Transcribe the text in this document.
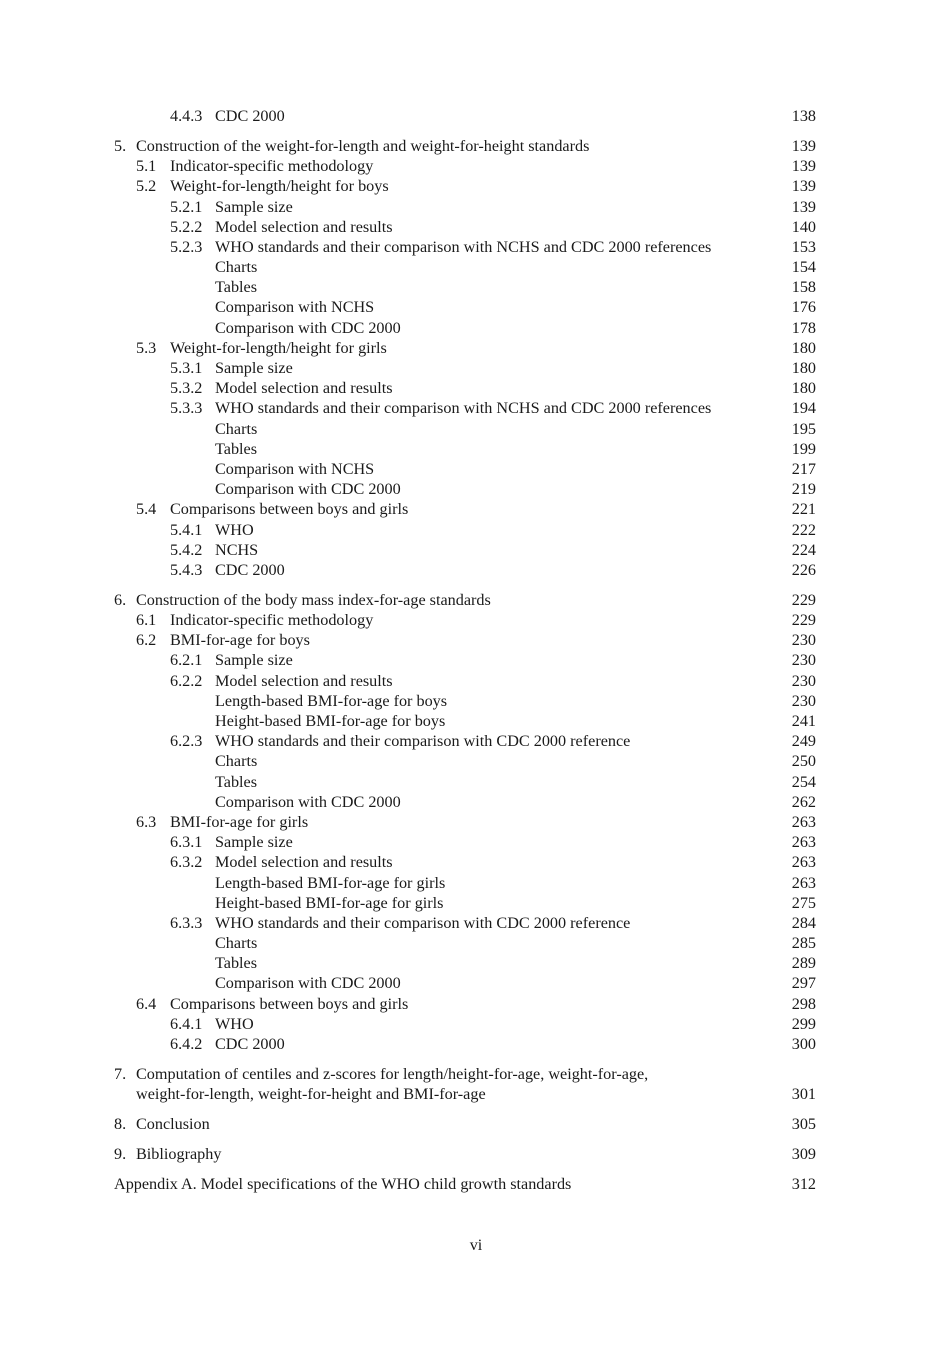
4.4.3 CDC 2000	138
5. Construction of the weight-for-length and weight-for-height standards	139
5.1 Indicator-specific methodology	139
5.2 Weight-for-length/height for boys	139
5.2.1 Sample size	139
5.2.2 Model selection and results	140
5.2.3 WHO standards and their comparison with NCHS and CDC 2000 references	153
Charts	154
Tables	158
Comparison with NCHS	176
Comparison with CDC 2000	178
5.3 Weight-for-length/height for girls	180
5.3.1 Sample size	180
5.3.2 Model selection and results	180
5.3.3 WHO standards and their comparison with NCHS and CDC 2000 references	194
Charts	195
Tables	199
Comparison with NCHS	217
Comparison with CDC 2000	219
5.4 Comparisons between boys and girls	221
5.4.1 WHO	222
5.4.2 NCHS	224
5.4.3 CDC 2000	226
6. Construction of the body mass index-for-age standards	229
6.1 Indicator-specific methodology	229
6.2 BMI-for-age for boys	230
6.2.1 Sample size	230
6.2.2 Model selection and results	230
Length-based BMI-for-age for boys	230
Height-based BMI-for-age for boys	241
6.2.3 WHO standards and their comparison with CDC 2000 reference	249
Charts	250
Tables	254
Comparison with CDC 2000	262
6.3 BMI-for-age for girls	263
6.3.1 Sample size	263
6.3.2 Model selection and results	263
Length-based BMI-for-age for girls	263
Height-based BMI-for-age for girls	275
6.3.3 WHO standards and their comparison with CDC 2000 reference	284
Charts	285
Tables	289
Comparison with CDC 2000	297
6.4 Comparisons between boys and girls	298
6.4.1 WHO	299
6.4.2 CDC 2000	300
7. Computation of centiles and z-scores for length/height-for-age, weight-for-age,
weight-for-length, weight-for-height and BMI-for-age	301
8. Conclusion	305
9. Bibliography	309
Appendix A. Model specifications of the WHO child growth standards	312
vi
